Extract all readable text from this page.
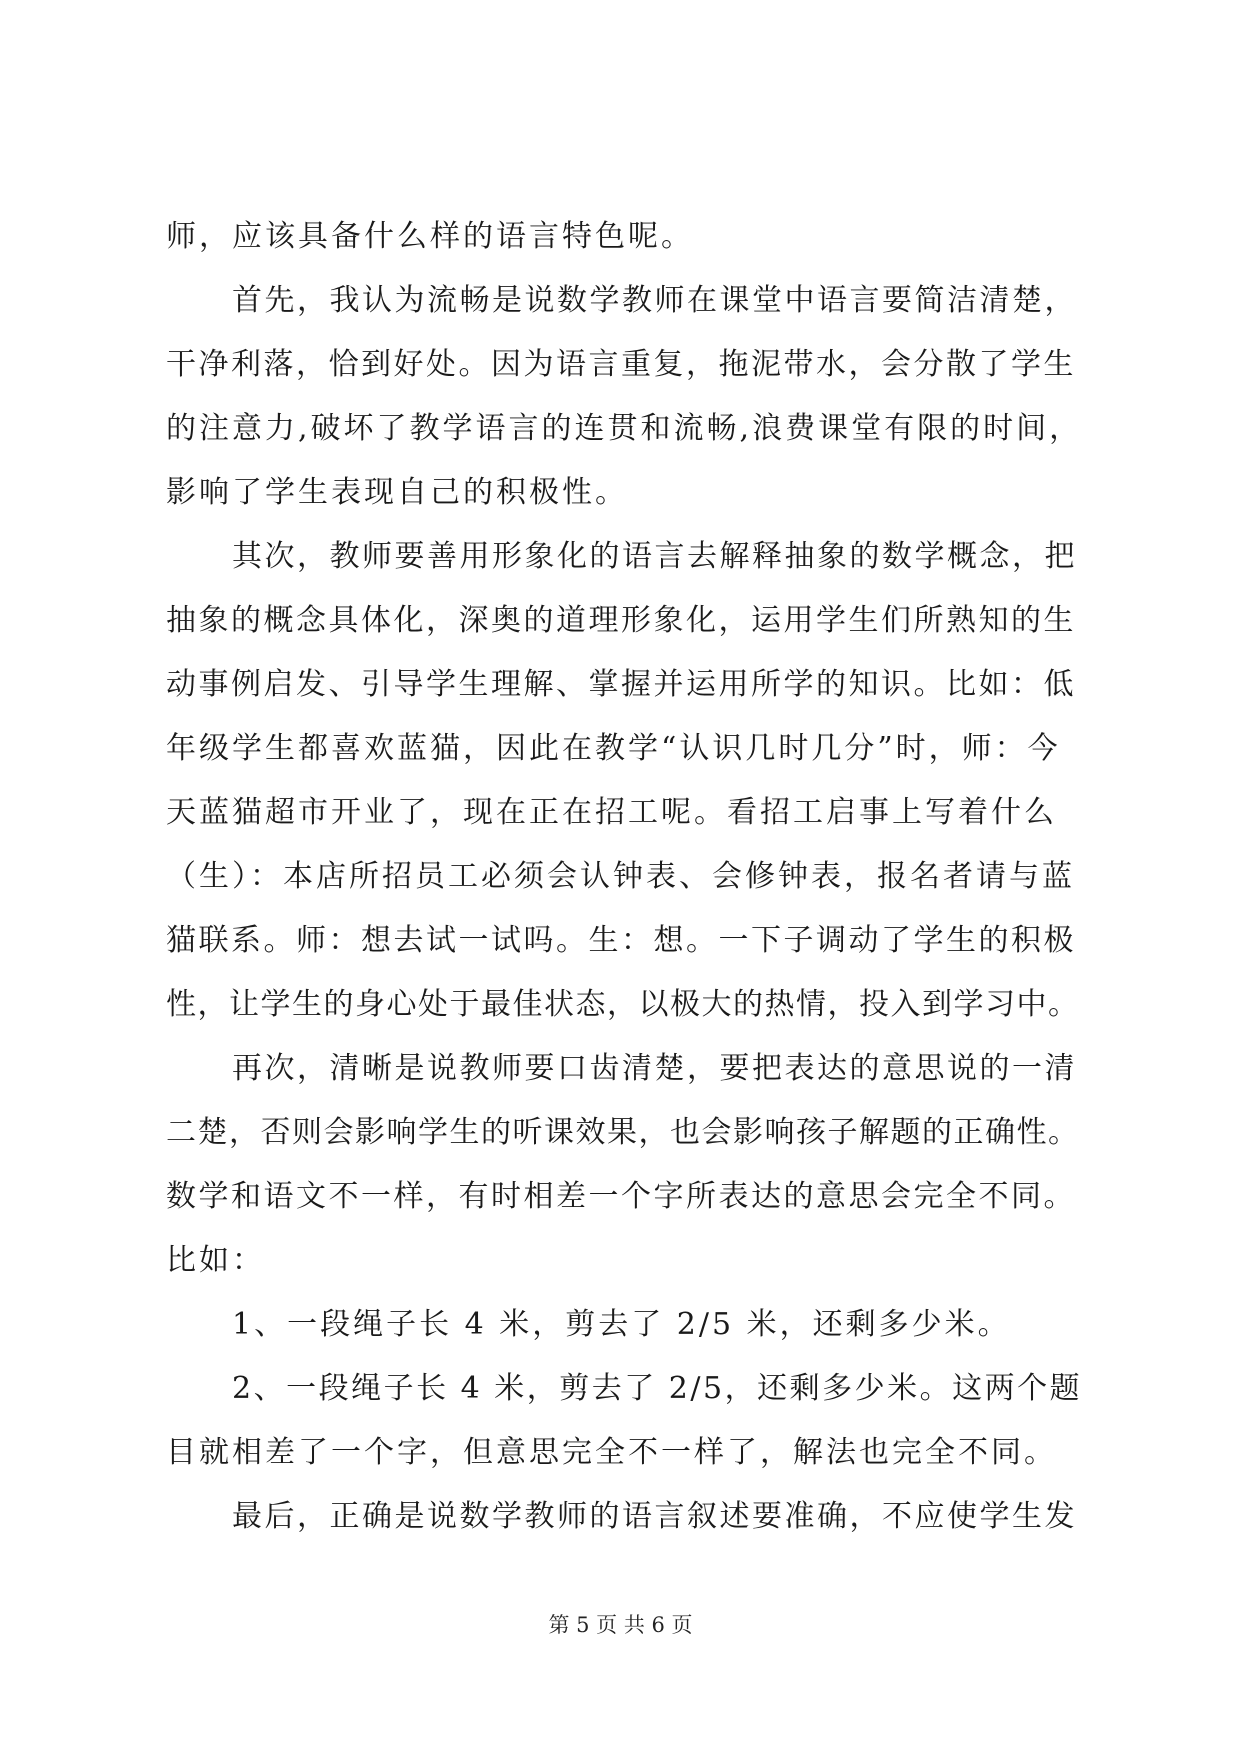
师，应该具备什么样的语言特色呢。
首先，我认为流畅是说数学教师在课堂中语言要简洁清楚，
干净利落，恰到好处。因为语言重复，拖泥带水，会分散了学生
的注意力,破坏了教学语言的连贯和流畅,浪费课堂有限的时间，
影响了学生表现自己的积极性。
其次，教师要善用形象化的语言去解释抽象的数学概念，把
抽象的概念具体化，深奥的道理形象化，运用学生们所熟知的生
动事例启发、引导学生理解、掌握并运用所学的知识。比如：低
年级学生都喜欢蓝猫，因此在教学“认识几时几分”时，师：今
天蓝猫超市开业了，现在正在招工呢。看招工启事上写着什么
（生）：本店所招员工必须会认钟表、会修钟表，报名者请与蓝
猫联系。师：想去试一试吗。生：想。一下子调动了学生的积极
性，让学生的身心处于最佳状态，以极大的热情，投入到学习中。
再次，清晰是说教师要口齿清楚，要把表达的意思说的一清
二楚，否则会影响学生的听课效果，也会影响孩子解题的正确性。
数学和语文不一样，有时相差一个字所表达的意思会完全不同。
比如：
1、一段绳子长 4 米，剪去了 2/5 米，还剩多少米。
2、一段绳子长 4 米，剪去了 2/5，还剩多少米。这两个题
目就相差了一个字，但意思完全不一样了，解法也完全不同。
最后，正确是说数学教师的语言叙述要准确，不应使学生发
第 5 页 共 6 页
